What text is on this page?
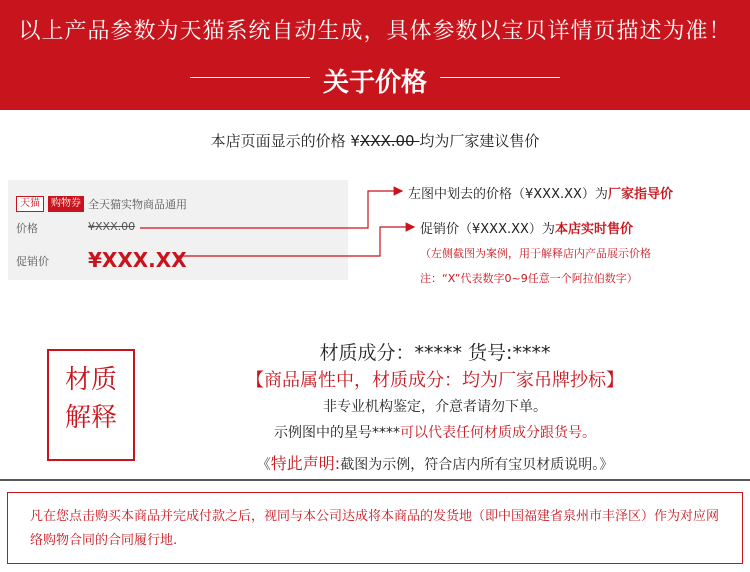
以上产品参数为天猫系统自动生成，具体参数以宝贝详情页描述为准！
关于价格
本店页面显示的价格 ¥XXX.00 均为厂家建议售价
天猫	购物券 全天猫实物商品通用
价格	¥XXX.00
促销价 ¥XXX.XX
左图中划去的价格（¥XXX.XX）为厂家指导价
促销价（¥XXX.XX）为本店实时售价
（左侧截图为案例，用于解释店内产品展示价格
注：“X”代表数字0~9任意一个阿拉伯数字）
材质
解释
材质成分：***** 货号:****
【商品属性中，材质成分：均为厂家吊牌抄标】
非专业机构鉴定，介意者请勿下单。
示例图中的星号****可以代表任何材质成分跟货号。
《特此声明:截图为示例，符合店内所有宝贝材质说明。》
凡在您点击购买本商品并完成付款之后，视同与本公司达成将本商品的发货地（即中国福建省泉州市丰泽区）作为对应网络购物合同的合同履行地.
